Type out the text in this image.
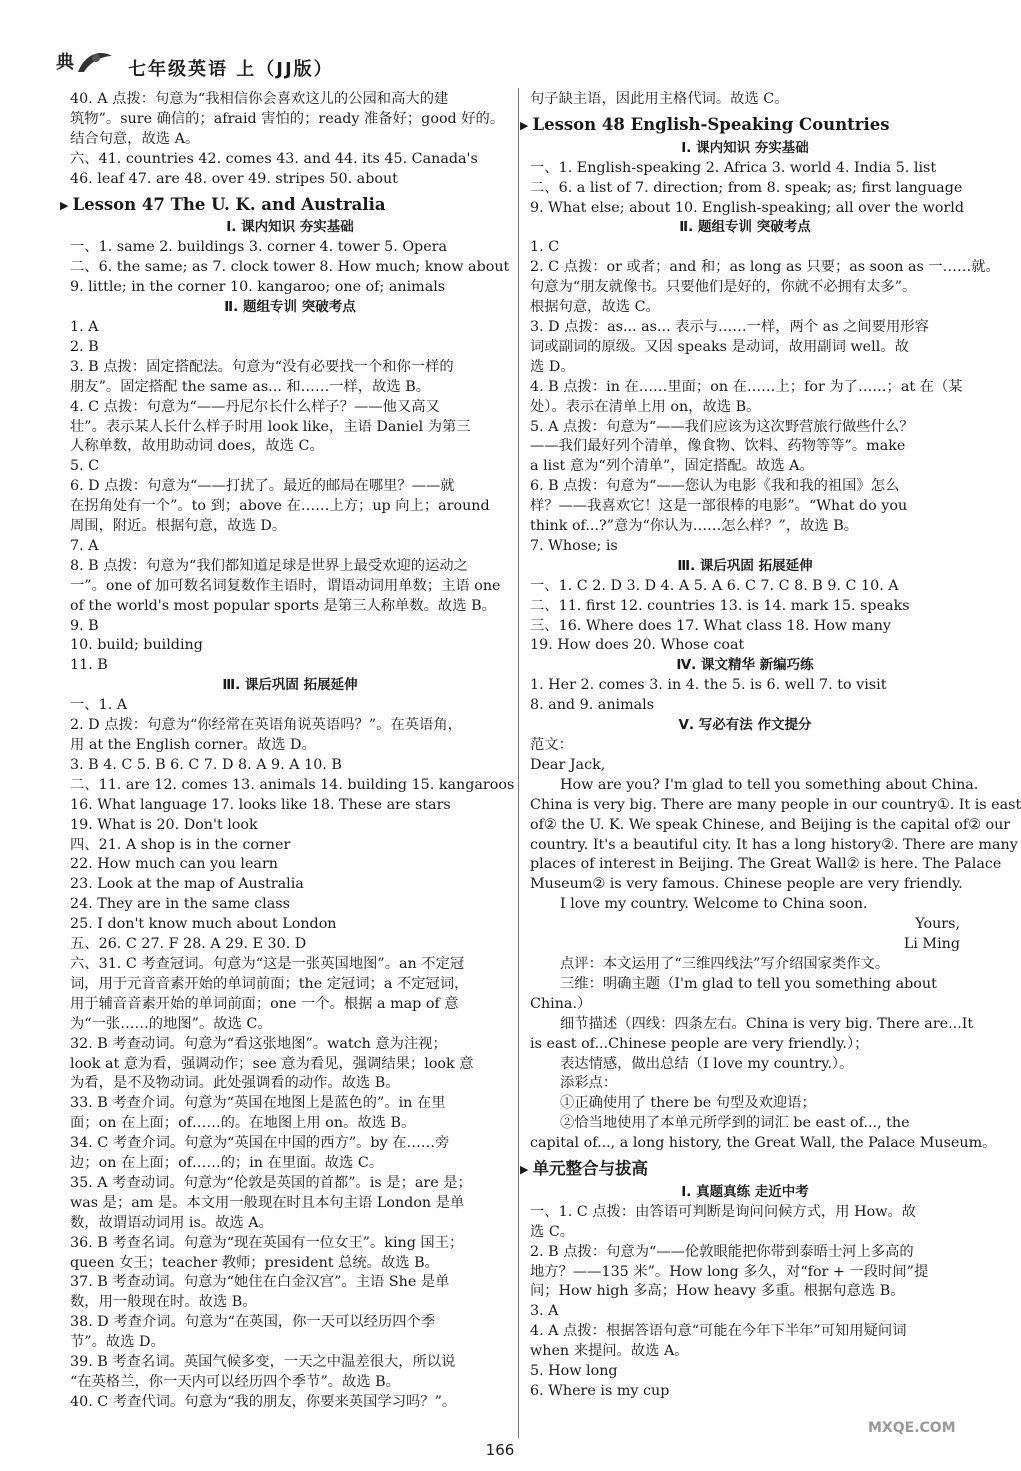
典	七年级英语 上（JJ版）
40. A 点拨：句意为“我相信你会喜欢这儿的公园和高大的建
筑物”。sure 确信的；afraid 害怕的；ready 准备好；good 好的。
结合句意，故选 A。
六、41. countries 42. comes 43. and 44. its 45. Canada's
46. leaf 47. are 48. over 49. stripes 50. about
▶ Lesson 47 The U. K. and Australia
Ⅰ. 课内知识 夯实基础
一、1. same 2. buildings 3. corner 4. tower 5. Opera
二、6. the same; as 7. clock tower 8. How much; know about
9. little; in the corner 10. kangaroo; one of; animals
Ⅱ. 题组专训 突破考点
1. A
2. B
3. B 点拨：固定搭配法。句意为“没有必要找一个和你一样的
朋友”。固定搭配 the same as... 和……一样，故选 B。
4. C 点拨：句意为“——丹尼尔长什么样子？——他又高又
壮”。表示某人长什么样子时用 look like，主语 Daniel 为第三
人称单数，故用助动词 does，故选 C。
5. C
6. D 点拨：句意为“——打扰了。最近的邮局在哪里？——就
在拐角处有一个”。to 到；above 在……上方；up 向上；around
周围，附近。根据句意，故选 D。
7. A
8. B 点拨：句意为“我们都知道足球是世界上最受欢迎的运动之
一”。one of 加可数名词复数作主语时，谓语动词用单数；主语 one
of the world's most popular sports 是第三人称单数。故选 B。
9. B
10. build; building
11. B
Ⅲ. 课后巩固 拓展延伸
一、1. A
2. D 点拨：句意为“你经常在英语角说英语吗？”。在英语角，
用 at the English corner。故选 D。
3. B 4. C 5. B 6. C 7. D 8. A 9. A 10. B
二、11. are 12. comes 13. animals 14. building 15. kangaroos
16. What language 17. looks like 18. These are stars
19. What is 20. Don't look
四、21. A shop is in the corner
22. How much can you learn
23. Look at the map of Australia
24. They are in the same class
25. I don't know much about London
五、26. C 27. F 28. A 29. E 30. D
六、31. C 考查冠词。句意为“这是一张英国地图”。an 不定冠
词，用于元音音素开始的单词前面；the 定冠词；a 不定冠词，
用于辅音音素开始的单词前面；one 一个。根据 a map of 意
为“一张……的地图”。故选 C。
32. B 考查动词。句意为“看这张地图”。watch 意为注视；
look at 意为看，强调动作；see 意为看见，强调结果；look 意
为看，是不及物动词。此处强调看的动作。故选 B。
33. B 考查介词。句意为“英国在地图上是蓝色的”。in 在里
面；on 在上面；of……的。在地图上用 on。故选 B。
34. C 考查介词。句意为“英国在中国的西方”。by 在……旁
边；on 在上面；of……的；in 在里面。故选 C。
35. A 考查动词。句意为“伦敦是英国的首都”。is 是；are 是；
was 是；am 是。本文用一般现在时且本句主语 London 是单
数，故谓语动词用 is。故选 A。
36. B 考查名词。句意为“现在英国有一位女王”。king 国王；
queen 女王；teacher 教师；president 总统。故选 B。
37. B 考查动词。句意为“她住在白金汉宫”。主语 She 是单
数，用一般现在时。故选 B。
38. D 考查介词。句意为“在英国，你一天可以经历四个季
节”。故选 D。
39. B 考查名词。英国气候多变，一天之中温差很大，所以说
“在英格兰，你一天内可以经历四个季节”。故选 B。
40. C 考查代词。句意为“我的朋友，你要来英国学习吗？”。
句子缺主语，因此用主格代词。故选 C。
▶ Lesson 48 English-Speaking Countries
Ⅰ. 课内知识 夯实基础
一、1. English-speaking 2. Africa 3. world 4. India 5. list
二、6. a list of 7. direction; from 8. speak; as; first language
9. What else; about 10. English-speaking; all over the world
Ⅱ. 题组专训 突破考点
1. C
2. C 点拨：or 或者；and 和；as long as 只要；as soon as 一……就。
句意为“朋友就像书。只要他们是好的，你就不必拥有太多”。
根据句意，故选 C。
3. D 点拨：as... as... 表示与……一样，两个 as 之间要用形容
词或副词的原级。又因 speaks 是动词，故用副词 well。故
选 D。
4. B 点拨：in 在……里面；on 在……上；for 为了……；at 在（某
处）。表示在清单上用 on，故选 B。
5. A 点拨：句意为“——我们应该为这次野营旅行做些什么？
——我们最好列个清单，像食物、饮料、药物等等”。make
a list 意为“列个清单”，固定搭配。故选 A。
6. B 点拨：句意为“——您认为电影《我和我的祖国》怎么
样？——我喜欢它！这是一部很棒的电影”。“What do you
think of...?”意为“你认为……怎么样？”，故选 B。
7. Whose; is
Ⅲ. 课后巩固 拓展延伸
一、1. C 2. D 3. D 4. A 5. A 6. C 7. C 8. B 9. C 10. A
二、11. first 12. countries 13. is 14. mark 15. speaks
三、16. Where does 17. What class 18. How many
19. How does 20. Whose coat
Ⅳ. 课文精华 新编巧练
1. Her 2. comes 3. in 4. the 5. is 6. well 7. to visit
8. and 9. animals
Ⅴ. 写必有法 作文提分
范文：
Dear Jack,
How are you? I'm glad to tell you something about China.
China is very big. There are many people in our country①. It is east
of② the U. K. We speak Chinese, and Beijing is the capital of② our
country. It's a beautiful city. It has a long history②. There are many
places of interest in Beijing. The Great Wall② is here. The Palace
Museum② is very famous. Chinese people are very friendly.
I love my country. Welcome to China soon.
Yours,
Li Ming
点评：本文运用了“三维四线法”写介绍国家类作文。
三维：明确主题（I'm glad to tell you something about
China.）
细节描述（四线：四条左右。China is very big. There are...It
is east of...Chinese people are very friendly.）；
表达情感，做出总结（I love my country.）。
添彩点：
①正确使用了 there be 句型及欢迎语；
②恰当地使用了本单元所学到的词汇 be east of..., the
capital of..., a long history, the Great Wall, the Palace Museum。
▶ 单元整合与拔高
Ⅰ. 真题真练 走近中考
一、1. C 点拨：由答语可判断是询问问候方式，用 How。故
选 C。
2. B 点拨：句意为“——伦敦眼能把你带到泰晤士河上多高的
地方？——135 米”。How long 多久，对“for + 一段时间”提
问；How high 多高；How heavy 多重。根据句意选 B。
3. A
4. A 点拨：根据答语句意“可能在今年下半年”可知用疑问词
when 来提问。故选 A。
5. How long
6. Where is my cup
166
MXQE.COM
